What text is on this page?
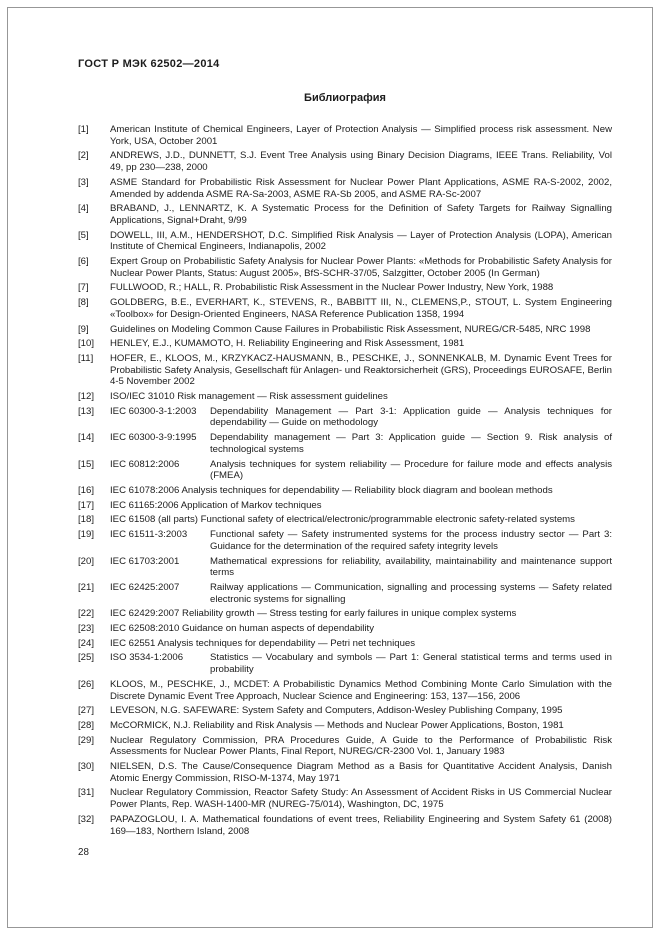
ГОСТ Р МЭК 62502—2014
Библиография
[1]	American Institute of Chemical Engineers, Layer of Protection Analysis — Simplified process risk assessment. New York, USA, October 2001
[2]	ANDREWS, J.D., DUNNETT, S.J. Event Tree Analysis using Binary Decision Diagrams, IEEE Trans. Reliability, Vol 49, pp 230—238, 2000
[3]	ASME Standard for Probabilistic Risk Assessment for Nuclear Power Plant Applications, ASME RA-S-2002, 2002, Amended by addenda ASME RA-Sa-2003, ASME RA-Sb 2005, and ASME RA-Sc-2007
[4]	BRABAND, J., LENNARTZ, K. A Systematic Process for the Definition of Safety Targets for Railway Signalling Applications, Signal+Draht, 9/99
[5]	DOWELL, III, A.M., HENDERSHOT, D.C. Simplified Risk Analysis — Layer of Protection Analysis (LOPA), American Institute of Chemical Engineers, Indianapolis, 2002
[6]	Expert Group on Probabilistic Safety Analysis for Nuclear Power Plants: «Methods for Probabilistic Safety Analysis for Nuclear Power Plants, Status: August 2005», BfS-SCHR-37/05, Salzgitter, October 2005 (In German)
[7]	FULLWOOD, R.; HALL, R. Probabilistic Risk Assessment in the Nuclear Power Industry, New York, 1988
[8]	GOLDBERG, B.E., EVERHART, K., STEVENS, R., BABBITT III, N., CLEMENS,P., STOUT, L. System Engineering «Toolbox» for Design-Oriented Engineers, NASA Reference Publication 1358, 1994
[9]	Guidelines on Modeling Common Cause Failures in Probabilistic Risk Assessment, NUREG/CR-5485, NRC 1998
[10]	HENLEY, E.J., KUMAMOTO, H. Reliability Engineering and Risk Assessment, 1981
[11]	HOFER, E., KLOOS, M., KRZYKACZ-HAUSMANN, B., PESCHKE, J., SONNENKALB, M. Dynamic Event Trees for Probabilistic Safety Analysis, Gesellschaft für Anlagen- und Reaktorsicherheit (GRS), Proceedings EUROSAFE, Berlin 4-5 November 2002
[12]	ISO/IEC 31010 Risk management — Risk assessment guidelines
[13]	IEC 60300-3-1:2003	Dependability Management — Part 3-1: Application guide — Analysis techniques for dependability — Guide on methodology
[14]	IEC 60300-3-9:1995	Dependability management — Part 3: Application guide — Section 9. Risk analysis of technological systems
[15]	IEC 60812:2006	Analysis techniques for system reliability — Procedure for failure mode and effects analysis (FMEA)
[16]	IEC 61078:2006 Analysis techniques for dependability — Reliability block diagram and boolean methods
[17]	IEC 61165:2006 Application of Markov techniques
[18]	IEC 61508 (all parts) Functional safety of electrical/electronic/programmable electronic safety-related systems
[19]	IEC 61511-3:2003	Functional safety — Safety instrumented systems for the process industry sector — Part 3: Guidance for the determination of the required safety integrity levels
[20]	IEC 61703:2001	Mathematical expressions for reliability, availability, maintainability and maintenance support terms
[21]	IEC 62425:2007	Railway applications — Communication, signalling and processing systems — Safety related electronic systems for signalling
[22]	IEC 62429:2007 Reliability growth — Stress testing for early failures in unique complex systems
[23]	IEC 62508:2010 Guidance on human aspects of dependability
[24]	IEC 62551 Analysis techniques for dependability — Petri net techniques
[25]	ISO 3534-1:2006	Statistics — Vocabulary and symbols — Part 1: General statistical terms and terms used in probability
[26]	KLOOS, M., PESCHKE, J., MCDET: A Probabilistic Dynamics Method Combining Monte Carlo Simulation with the Discrete Dynamic Event Tree Approach, Nuclear Science and Engineering: 153, 137—156, 2006
[27]	LEVESON, N.G. SAFEWARE: System Safety and Computers, Addison-Wesley Publishing Company, 1995
[28]	McCORMICK, N.J. Reliability and Risk Analysis — Methods and Nuclear Power Applications, Boston, 1981
[29]	Nuclear Regulatory Commission, PRA Procedures Guide, A Guide to the Performance of Probabilistic Risk Assessments for Nuclear Power Plants, Final Report, NUREG/CR-2300 Vol. 1, January 1983
[30]	NIELSEN, D.S. The Cause/Consequence Diagram Method as a Basis for Quantitative Accident Analysis, Danish Atomic Energy Commission, RISO-M-1374, May 1971
[31]	Nuclear Regulatory Commission, Reactor Safety Study: An Assessment of Accident Risks in US Commercial Nuclear Power Plants, Rep. WASH-1400-MR (NUREG-75/014), Washington, DC, 1975
[32]	PAPAZOGLOU, I. A. Mathematical foundations of event trees, Reliability Engineering and System Safety 61 (2008) 169—183, Northern Island, 2008
28
